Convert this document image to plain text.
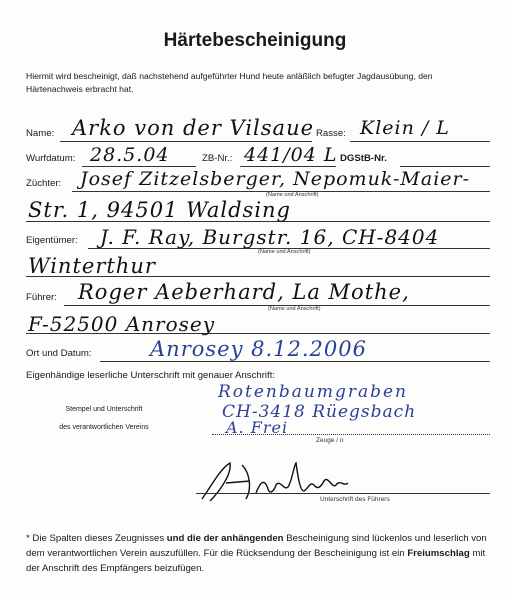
Härtebescheinigung
Hiermit wird bescheinigt, daß nachstehend aufgeführter Hund heute anläßlich befugter Jagdausübung, den Härtenachweis erbracht hat.
Name: Arko von der Vilsaue Rasse: Klein / L
Wurfdatum: 28.5.04	ZB-Nr.: 441/04 L DGStB-Nr.
Züchter: Josef Zitzelsberger, Nepomuk-Maier-
(Name und Anschrift)
Str. 1, 94501 Waldsing
Eigentümer: J. F. Ray, Burgstr. 16, CH-8404
(Name und Anschrift)
Winterthur
Führer: Roger Aeberhard, La Mothe,
(Name und Anschrift)
F-52500 Anrosey
Ort und Datum:	Anrosey 8.12.2006
Eigenhändige leserliche Unterschrift mit genauer Anschrift:
Stempel und Unterschrift
des verantwortlichen Vereins
Rotenbaumgraben
CH-3418 Rüegsbach
A. Frei
Zeuge / n
Unterschrift des Führers
* Die Spalten dieses Zeugnisses und die der anhängenden Bescheinigung sind lückenlos und leserlich von dem verantwortlichen Verein auszufüllen. Für die Rücksendung der Bescheinigung ist ein Freiumschlag mit der Anschrift des Empfängers beizufügen.
